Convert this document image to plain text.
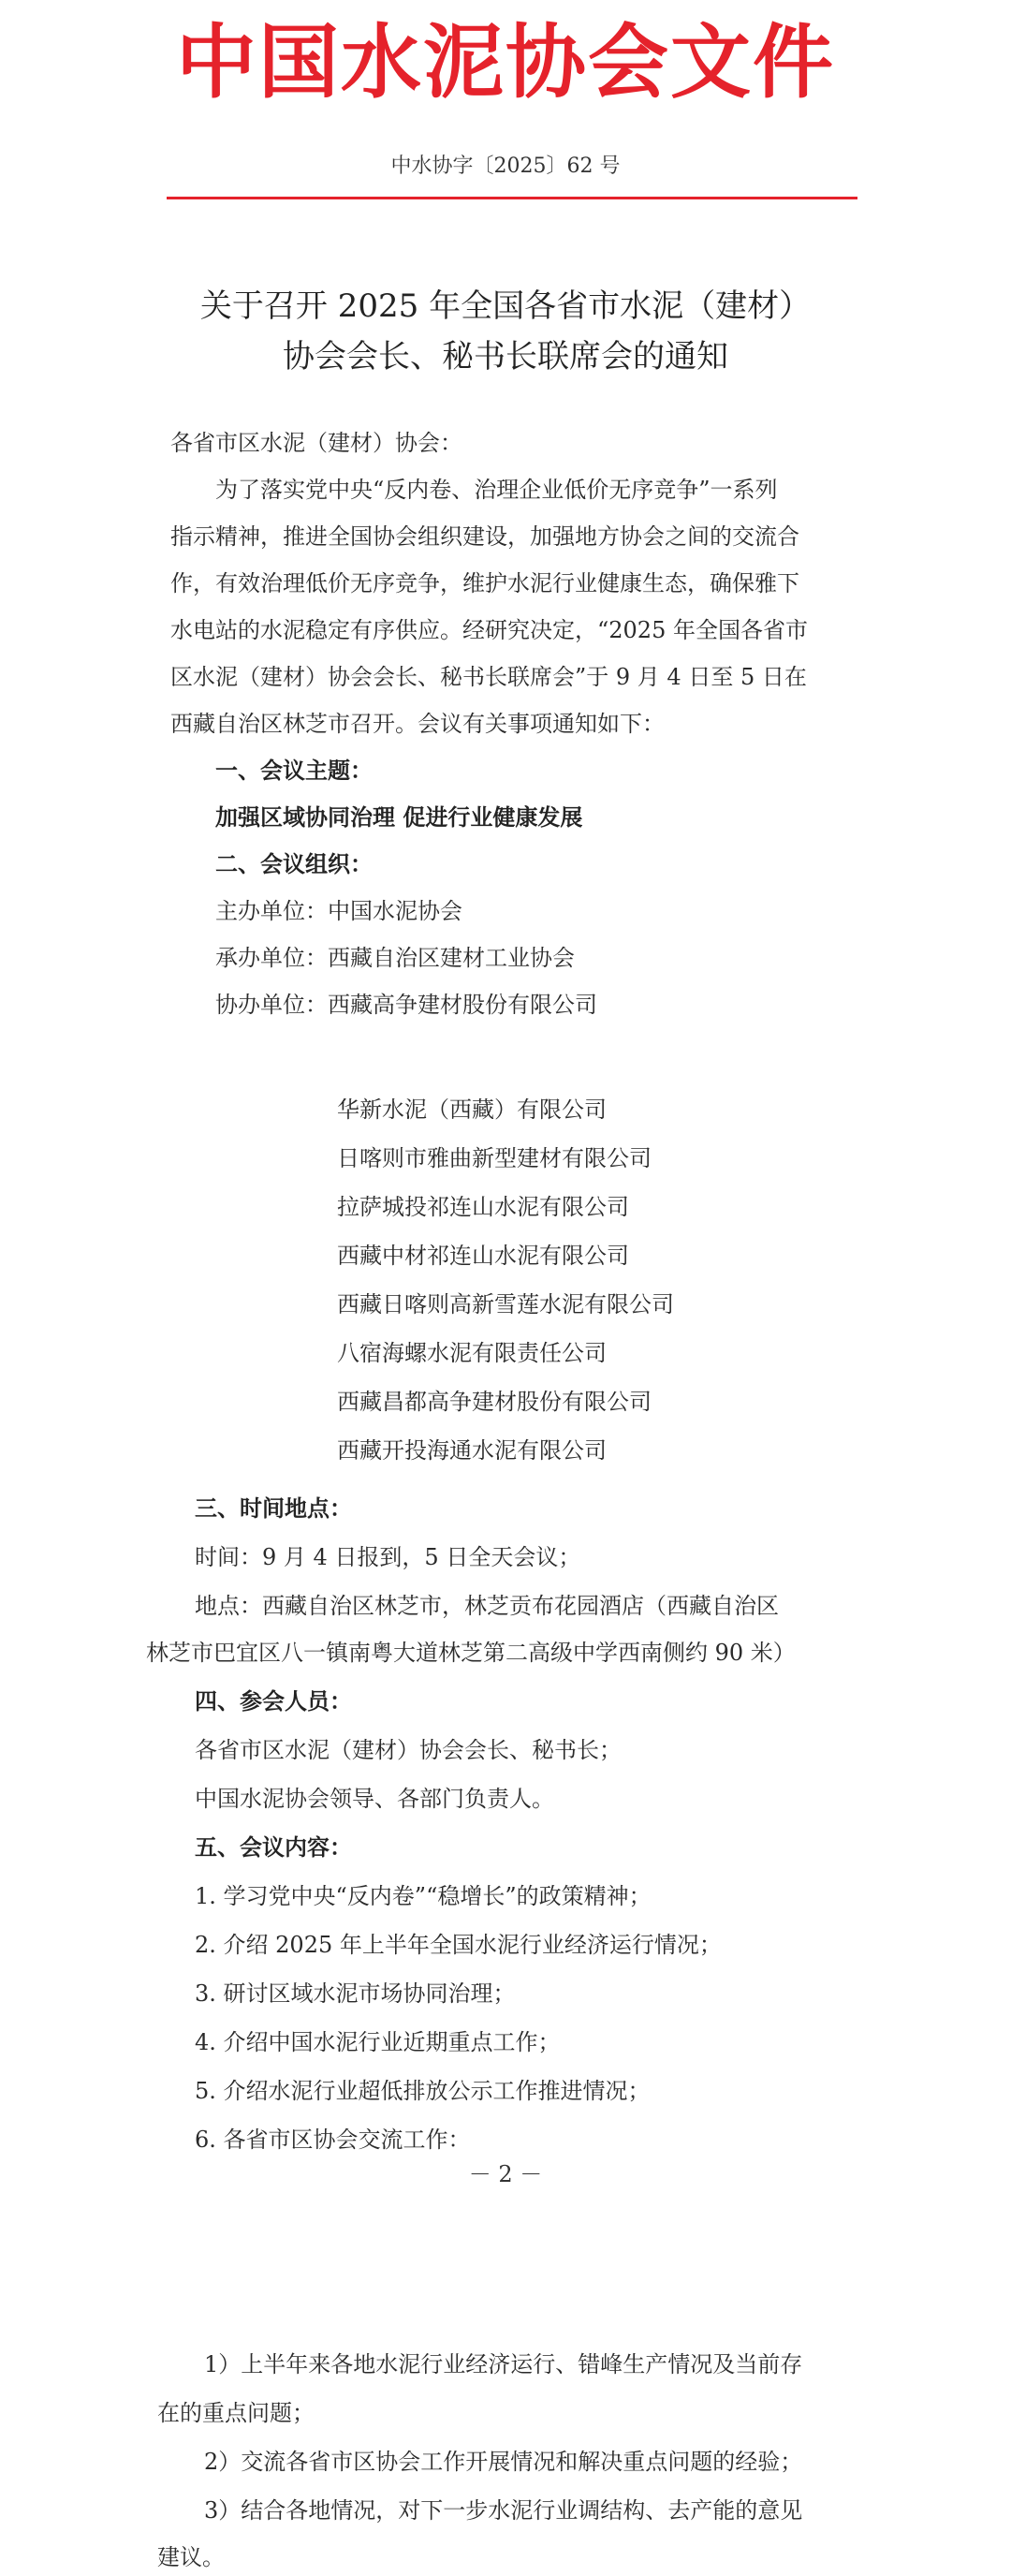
中国水泥协会文件
中水协字〔2025〕62 号
关于召开 2025 年全国各省市水泥（建材）
协会会长、秘书长联席会的通知
各省市区水泥（建材）协会：
为了落实党中央“反内卷、治理企业低价无序竞争”一系列
指示精神，推进全国协会组织建设，加强地方协会之间的交流合
作，有效治理低价无序竞争，维护水泥行业健康生态，确保雅下
水电站的水泥稳定有序供应。经研究决定，“2025 年全国各省市
区水泥（建材）协会会长、秘书长联席会”于 9 月 4 日至 5 日在
西藏自治区林芝市召开。会议有关事项通知如下：
一、会议主题：
加强区域协同治理 促进行业健康发展
二、会议组织：
主办单位：中国水泥协会
承办单位：西藏自治区建材工业协会
协办单位：西藏高争建材股份有限公司
华新水泥（西藏）有限公司
日喀则市雅曲新型建材有限公司
拉萨城投祁连山水泥有限公司
西藏中材祁连山水泥有限公司
西藏日喀则高新雪莲水泥有限公司
八宿海螺水泥有限责任公司
西藏昌都高争建材股份有限公司
西藏开投海通水泥有限公司
三、时间地点：
时间：9 月 4 日报到，5 日全天会议；
地点：西藏自治区林芝市，林芝贡布花园酒店（西藏自治区
林芝市巴宜区八一镇南粤大道林芝第二高级中学西南侧约 90 米）
四、参会人员：
各省市区水泥（建材）协会会长、秘书长；
中国水泥协会领导、各部门负责人。
五、会议内容：
1. 学习党中央“反内卷”“稳增长”的政策精神；
2. 介绍 2025 年上半年全国水泥行业经济运行情况；
3. 研讨区域水泥市场协同治理；
4. 介绍中国水泥行业近期重点工作；
5. 介绍水泥行业超低排放公示工作推进情况；
6. 各省市区协会交流工作：
－ 2 －
1）上半年来各地水泥行业经济运行、错峰生产情况及当前存
在的重点问题；
2）交流各省市区协会工作开展情况和解决重点问题的经验；
3）结合各地情况，对下一步水泥行业调结构、去产能的意见
建议。
